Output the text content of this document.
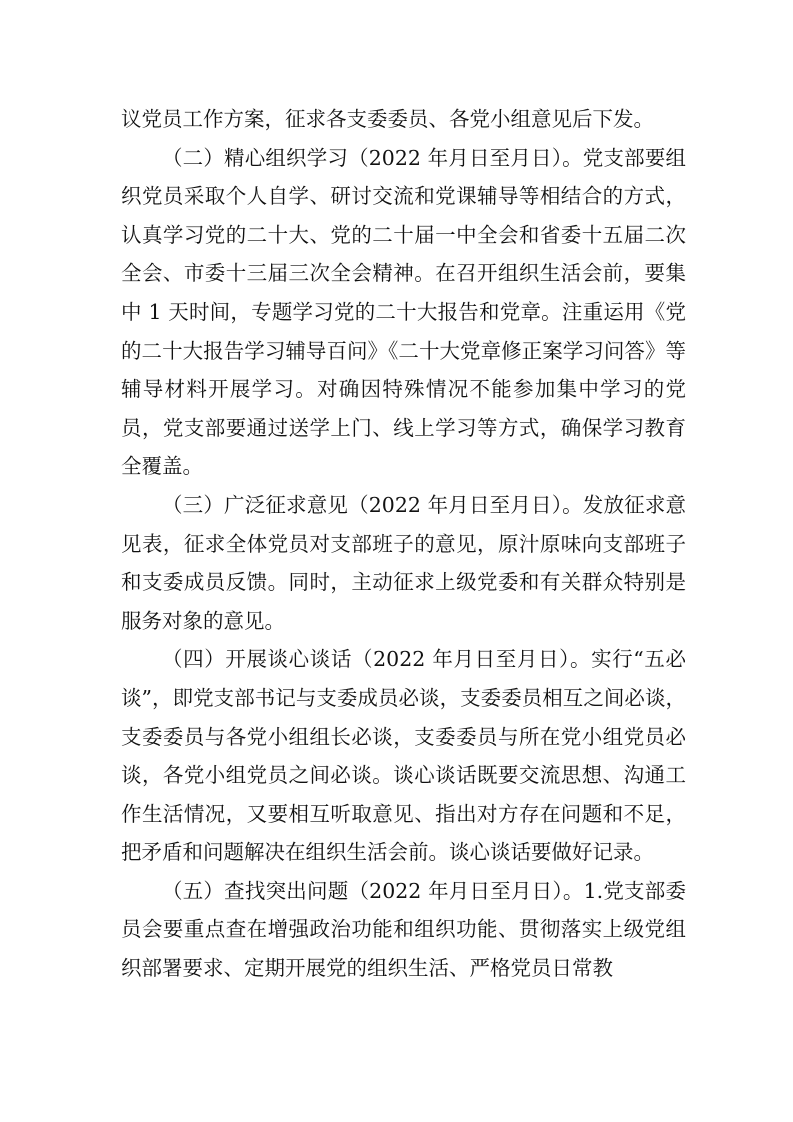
议党员工作方案，征求各支委委员、各党小组意见后下发。

（二）精心组织学习（2022 年月日至月日）。党支部要组织党员采取个人自学、研讨交流和党课辅导等相结合的方式，认真学习党的二十大、党的二十届一中全会和省委十五届二次全会、市委十三届三次全会精神。在召开组织生活会前，要集中 1 天时间，专题学习党的二十大报告和党章。注重运用《党的二十大报告学习辅导百问》《二十大党章修正案学习问答》等辅导材料开展学习。对确因特殊情况不能参加集中学习的党员，党支部要通过送学上门、线上学习等方式，确保学习教育全覆盖。

（三）广泛征求意见（2022 年月日至月日）。发放征求意见表，征求全体党员对支部班子的意见，原汁原味向支部班子和支委成员反馈。同时，主动征求上级党委和有关群众特别是服务对象的意见。

（四）开展谈心谈话（2022 年月日至月日）。实行“五必谈”，即党支部书记与支委成员必谈，支委委员相互之间必谈，支委委员与各党小组组长必谈，支委委员与所在党小组党员必谈，各党小组党员之间必谈。谈心谈话既要交流思想、沟通工作生活情况，又要相互听取意见、指出对方存在问题和不足，把矛盾和问题解决在组织生活会前。谈心谈话要做好记录。

（五）查找突出问题（2022 年月日至月日）。1.党支部委员会要重点查在增强政治功能和组织功能、贯彻落实上级党组织部署要求、定期开展党的组织生活、严格党员日常教
